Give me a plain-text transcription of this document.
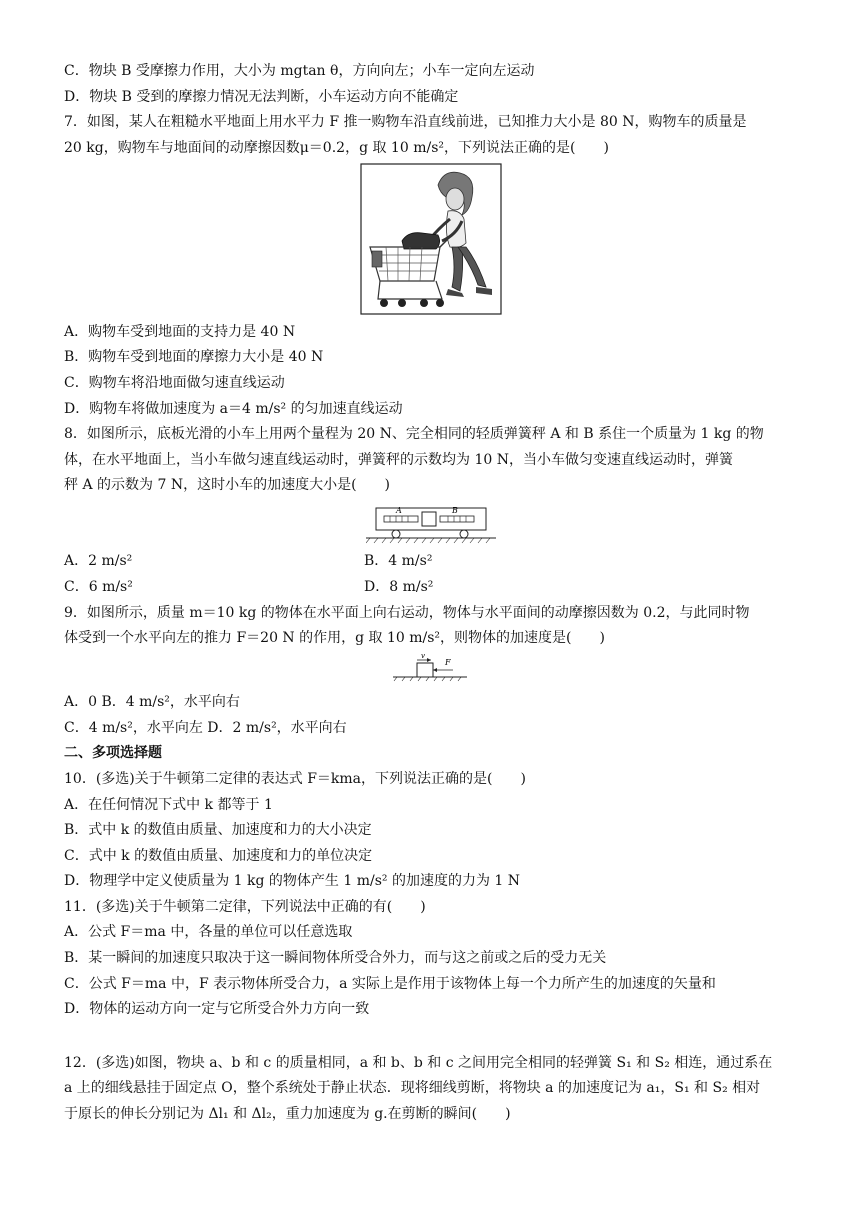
C．物块 B 受摩擦力作用，大小为 mgtan θ，方向向左；小车一定向左运动
D．物块 B 受到的摩擦力情况无法判断，小车运动方向不能确定
7．如图，某人在粗糙水平地面上用水平力 F 推一购物车沿直线前进，已知推力大小是 80 N，购物车的质量是
20 kg，购物车与地面间的动摩擦因数μ＝0.2，g 取 10 m/s²，下列说法正确的是(　　)
A．购物车受到地面的支持力是 40 N
B．购物车受到地面的摩擦力大小是 40 N
C．购物车将沿地面做匀速直线运动
D．购物车将做加速度为 a＝4 m/s² 的匀加速直线运动
8．如图所示，底板光滑的小车上用两个量程为 20 N、完全相同的轻质弹簧秤 A 和 B 系住一个质量为 1 kg 的物
体，在水平地面上，当小车做匀速直线运动时，弹簧秤的示数均为 10 N，当小车做匀变速直线运动时，弹簧
秤 A 的示数为 7 N，这时小车的加速度大小是(　　)
A	B
A．2 m/s²	B．4 m/s²
C．6 m/s²	D．8 m/s²
9．如图所示，质量 m＝10 kg 的物体在水平面上向右运动，物体与水平面间的动摩擦因数为 0.2，与此同时物
体受到一个水平向左的推力 F＝20 N 的作用，g 取 10 m/s²，则物体的加速度是(　　)
v
F
A．0 B．4 m/s²，水平向右
C．4 m/s²，水平向左 D．2 m/s²，水平向右
二、多项选择题
10．(多选)关于牛顿第二定律的表达式 F＝kma，下列说法正确的是(　　)
A．在任何情况下式中 k 都等于 1
B．式中 k 的数值由质量、加速度和力的大小决定
C．式中 k 的数值由质量、加速度和力的单位决定
D．物理学中定义使质量为 1 kg 的物体产生 1 m/s² 的加速度的力为 1 N
11．(多选)关于牛顿第二定律，下列说法中正确的有(　　)
A．公式 F＝ma 中，各量的单位可以任意选取
B．某一瞬间的加速度只取决于这一瞬间物体所受合外力，而与这之前或之后的受力无关
C．公式 F＝ma 中，F 表示物体所受合力，a 实际上是作用于该物体上每一个力所产生的加速度的矢量和
D．物体的运动方向一定与它所受合外力方向一致
12．(多选)如图，物块 a、b 和 c 的质量相同，a 和 b、b 和 c 之间用完全相同的轻弹簧 S₁ 和 S₂ 相连，通过系在
a 上的细线悬挂于固定点 O，整个系统处于静止状态．现将细线剪断，将物块 a 的加速度记为 a₁，S₁ 和 S₂ 相对
于原长的伸长分别记为 Δl₁ 和 Δl₂，重力加速度为 g.在剪断的瞬间(　　)
